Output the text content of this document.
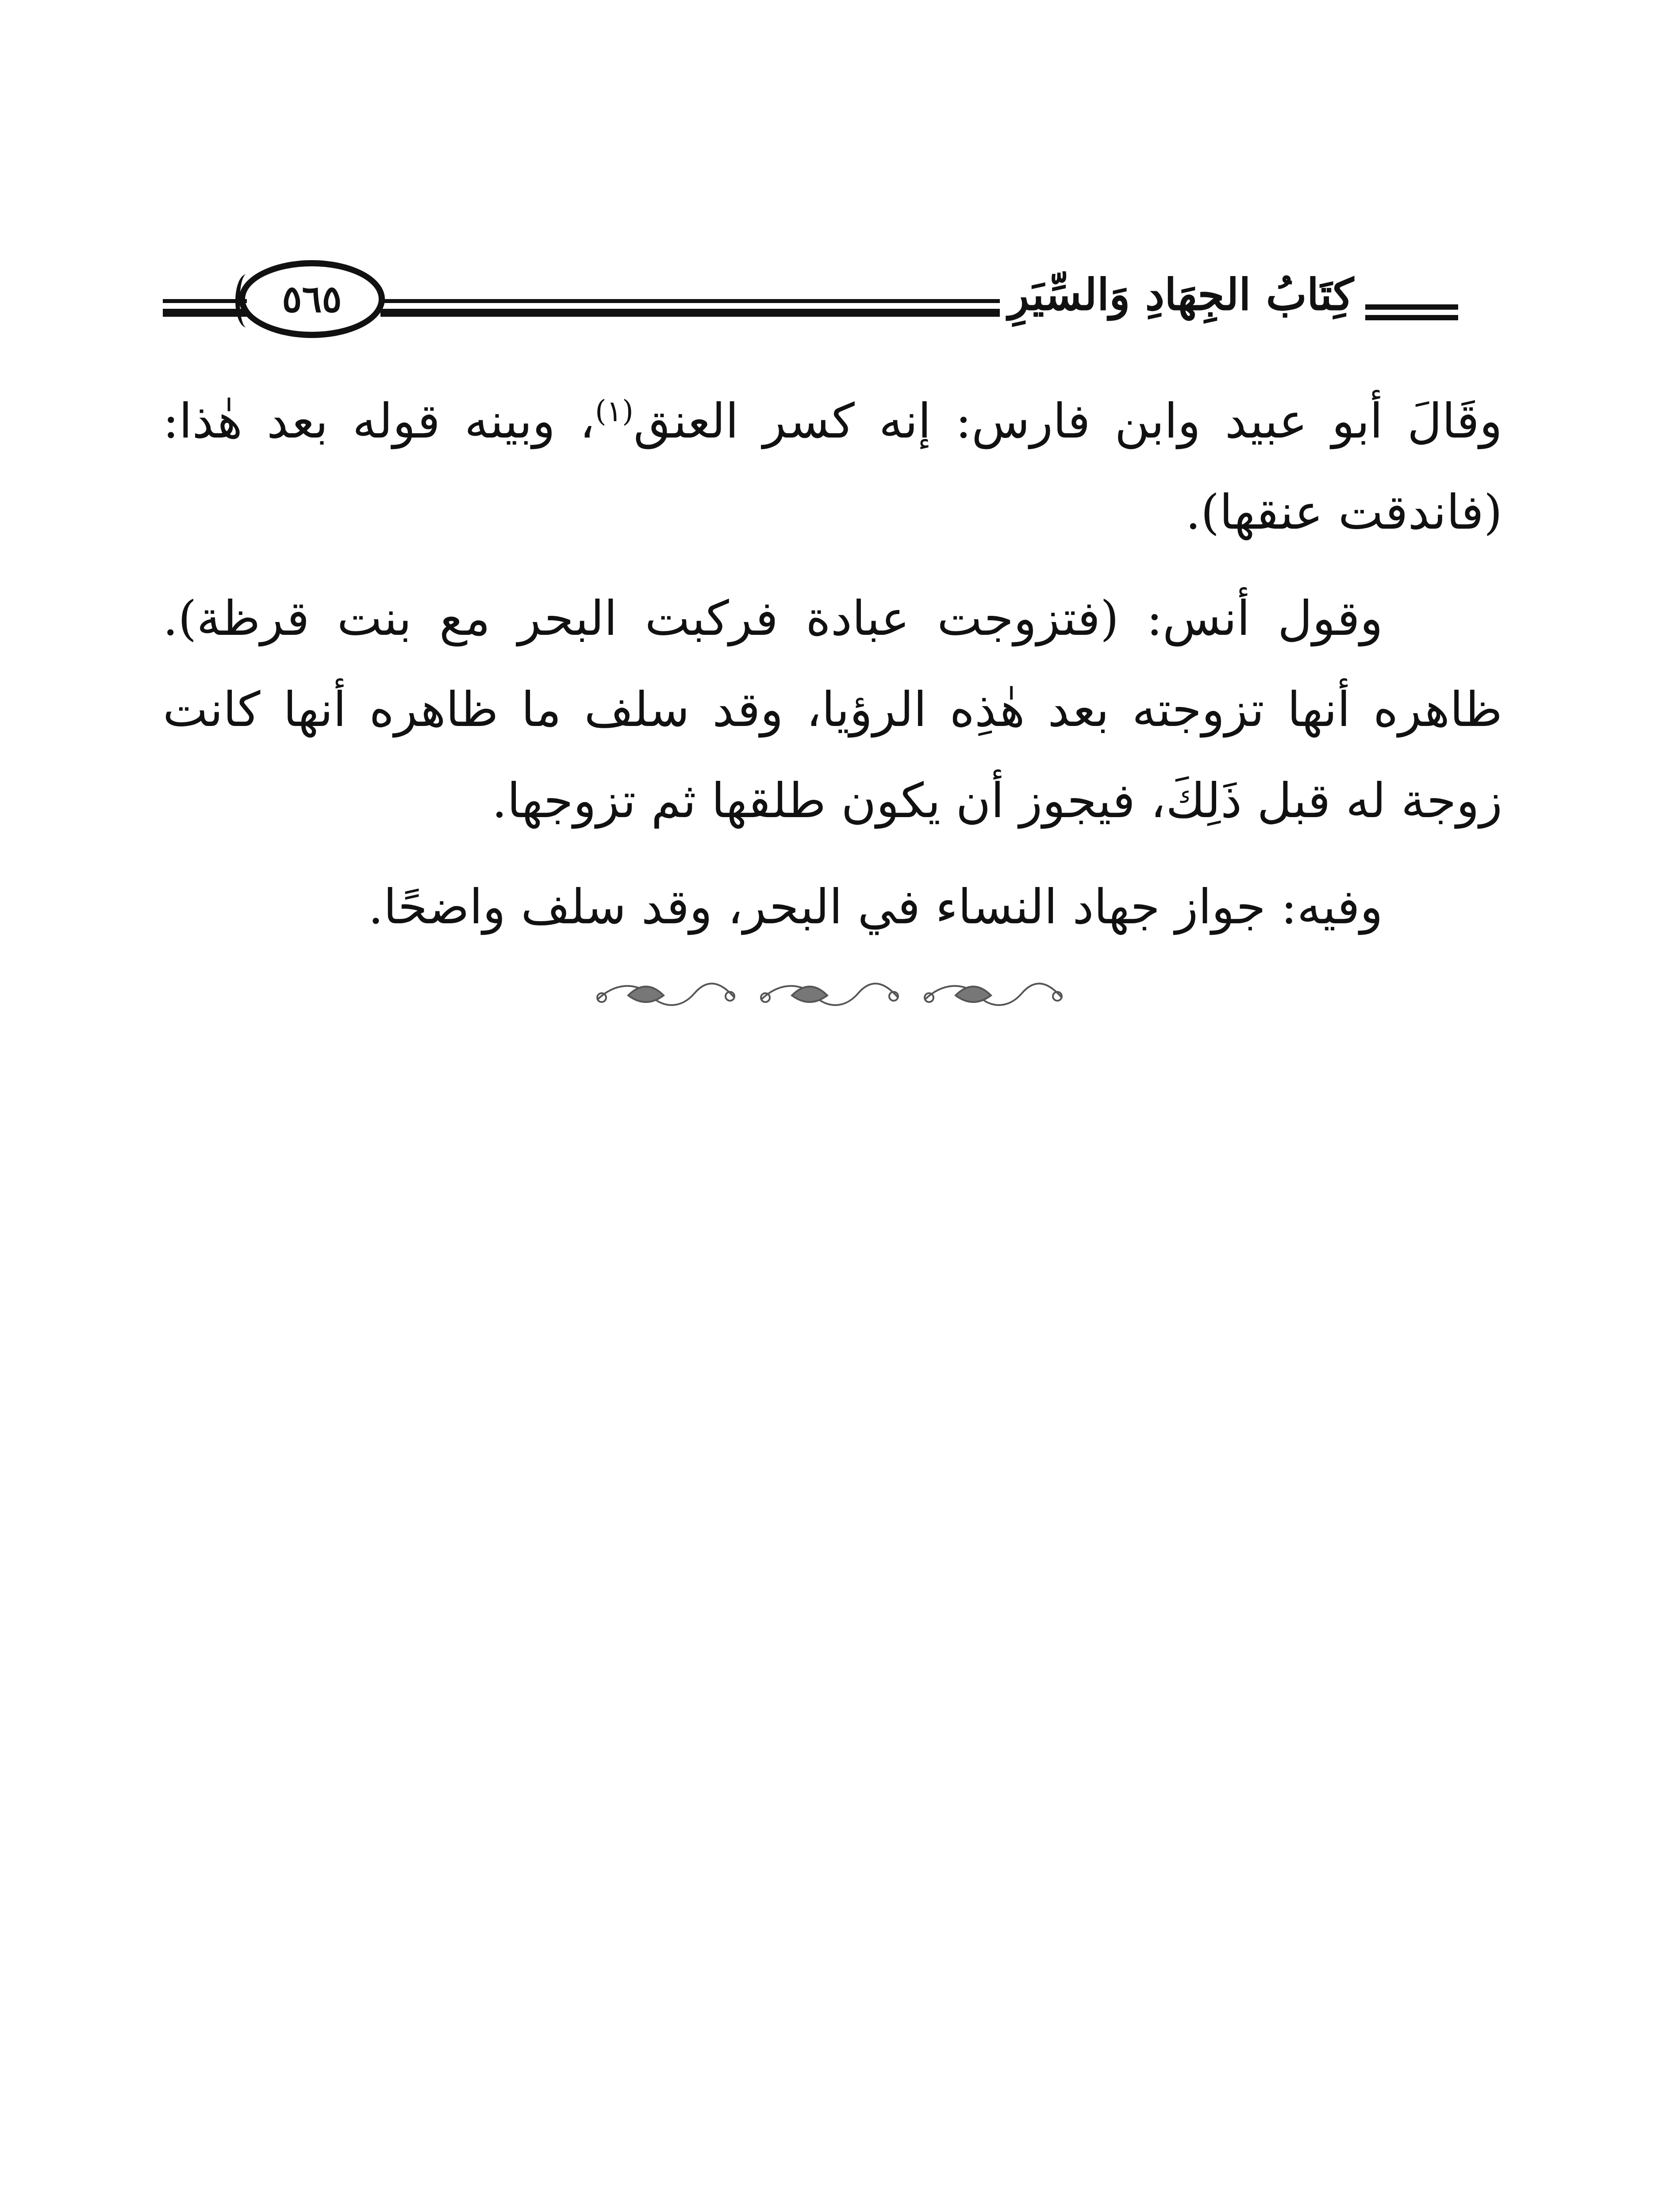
كِتَابُ الجِهَادِ وَالسِّيَرِ
٥٦٥

وقَالَ أبو عبيد وابن فارس: إنه كسر العنق$^{(١)}$، وبينه قوله بعد هٰذا: (فاندقت عنقها).

وقول أنس: (فتزوجت عبادة فركبت البحر مع بنت قرظة). ظاهره أنها تزوجته بعد هٰذِه الرؤيا، وقد سلف ما ظاهره أنها كانت زوجة له قبل ذَلِكَ، فيجوز أن يكون طلقها ثم تزوجها.

وفيه: جواز جهاد النساء في البحر، وقد سلف واضحًا.
